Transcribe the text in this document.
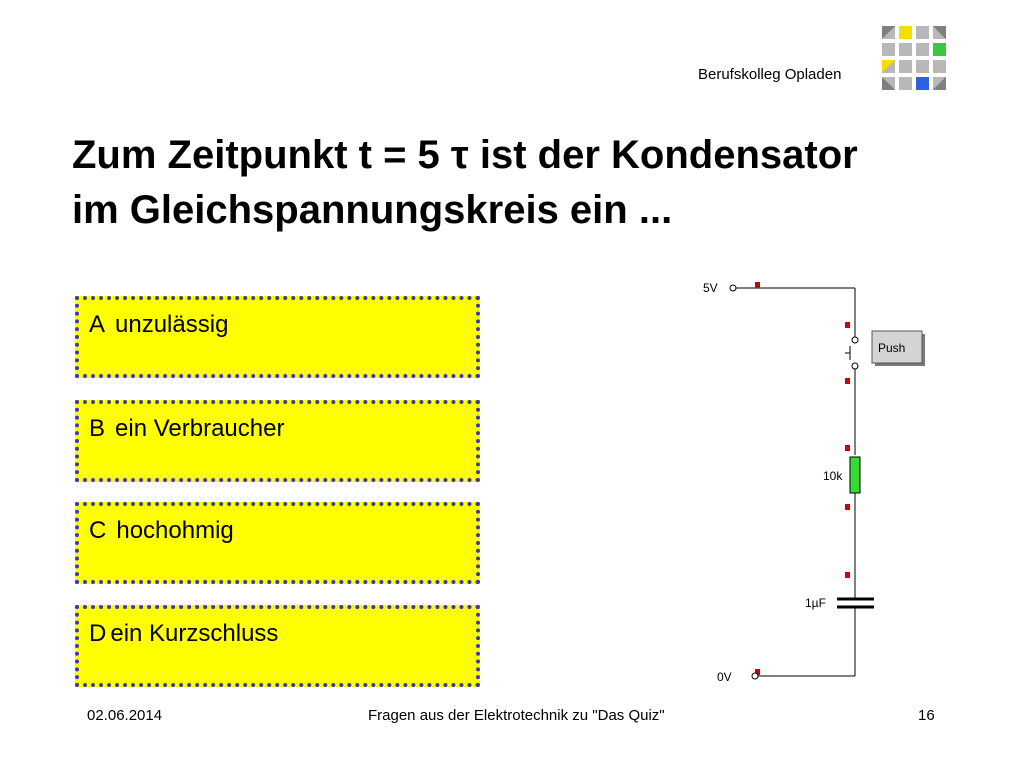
Berufskolleg Opladen
Zum Zeitpunkt t = 5 τ ist der Kondensator
im Gleichspannungskreis ein ...
A unzulässig
B ein Verbraucher
C hochohmig
D ein Kurzschluss
5V
Push
10k
1µF
0V
02.06.2014	Fragen aus der Elektrotechnik zu "Das Quiz"	16
